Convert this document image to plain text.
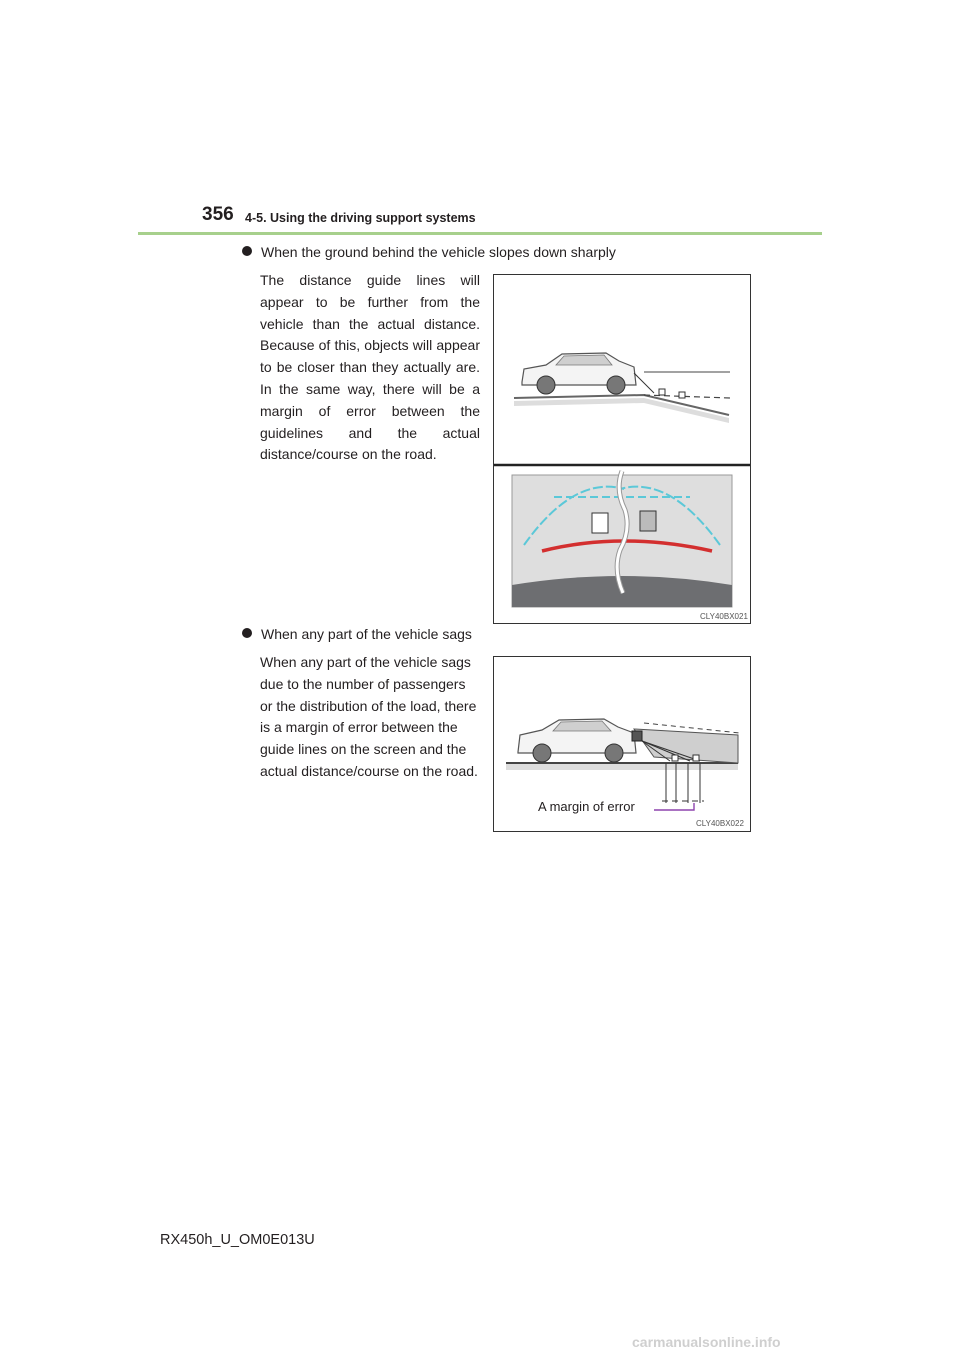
356 4-5. Using the driving support systems
When the ground behind the vehicle slopes down sharply
The distance guide lines will appear to be further from the vehicle than the actual distance. Because of this, objects will appear to be closer than they actually are. In the same way, there will be a margin of error between the guidelines and the actual distance/course on the road.
CLY40BX021
When any part of the vehicle sags
When any part of the vehicle sags due to the number of passengers or the distribution of the load, there is a margin of error between the guide lines on the screen and the actual distance/course on the road.
A margin of error
CLY40BX022
RX450h_U_OM0E013U
carmanualsonline.info
